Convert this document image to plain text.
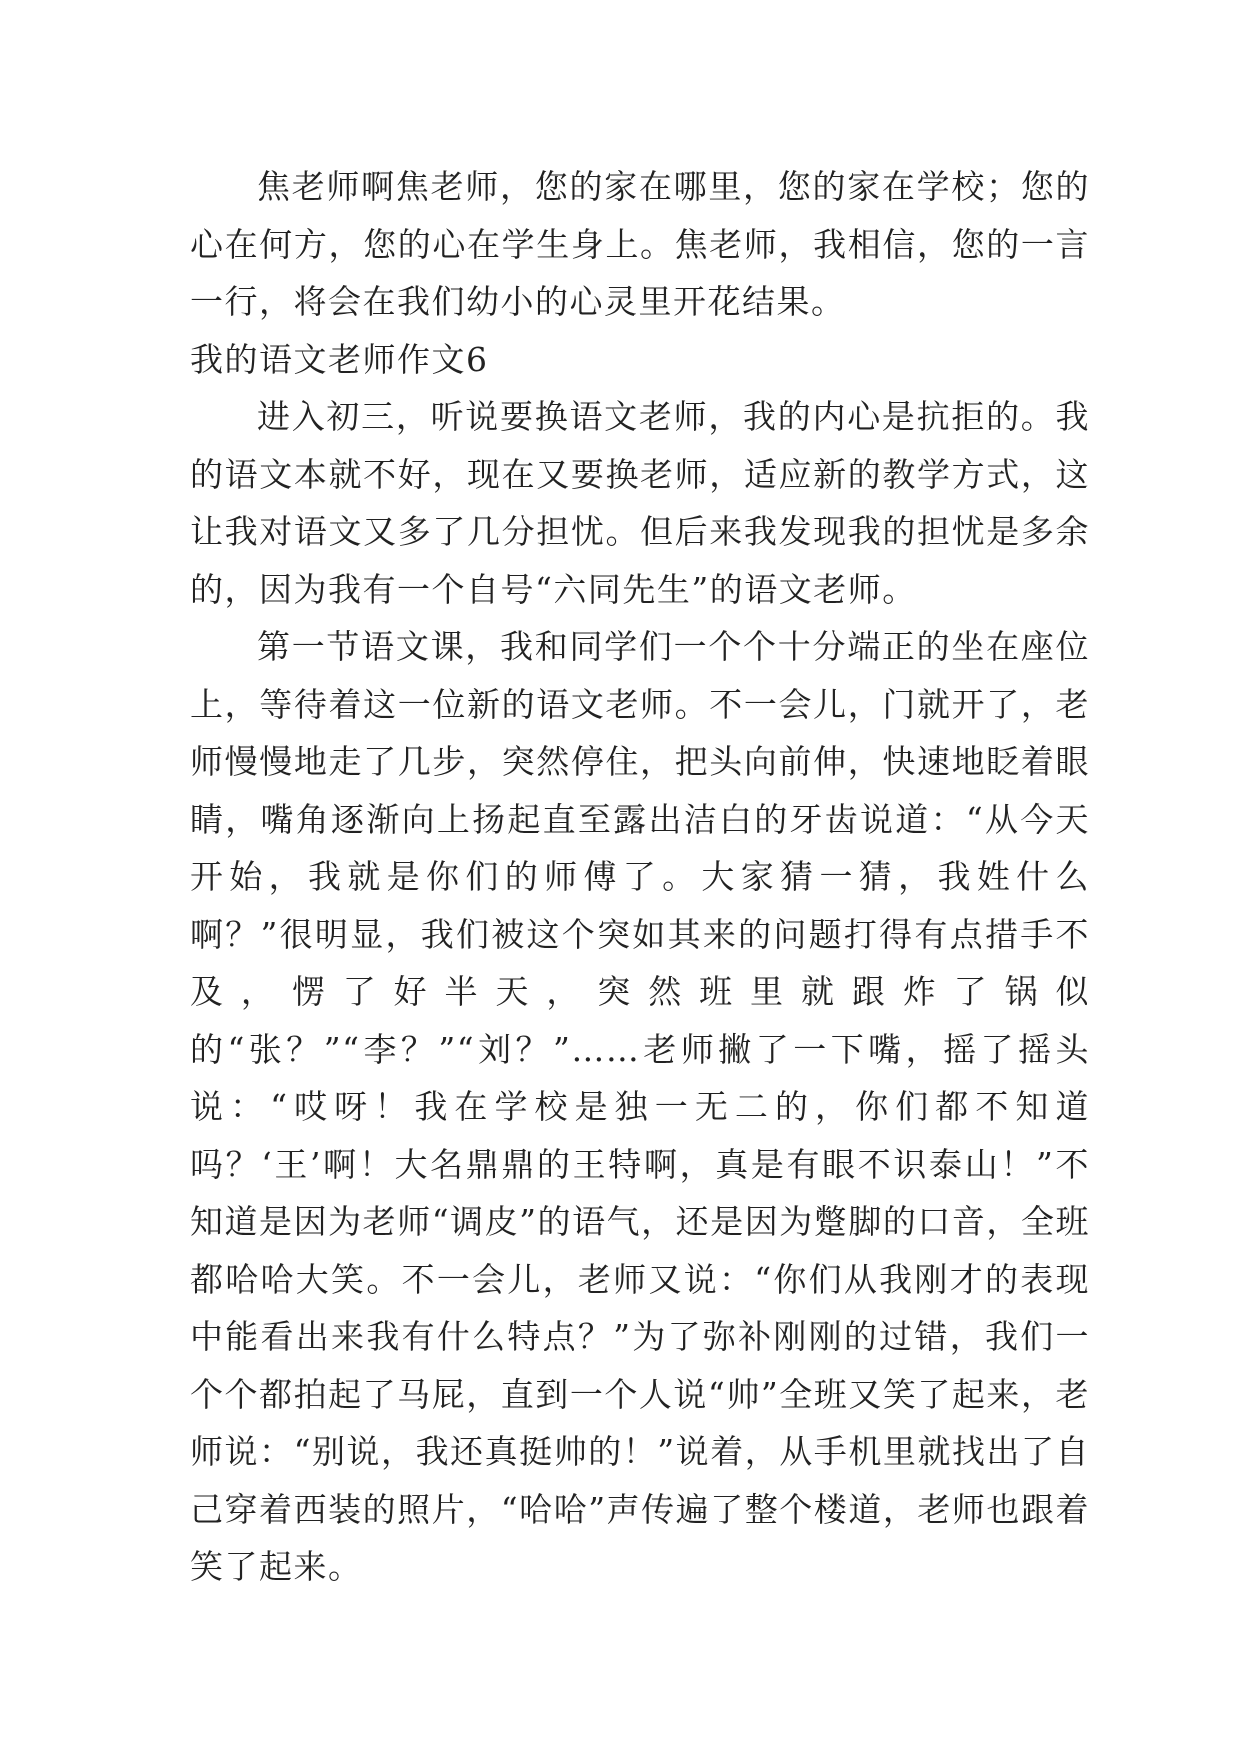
焦老师啊焦老师，您的家在哪里，您的家在学校；您的心在何方，您的心在学生身上。焦老师，我相信，您的一言一行，将会在我们幼小的心灵里开花结果。

我的语文老师作文6

进入初三，听说要换语文老师，我的内心是抗拒的。我的语文本就不好，现在又要换老师，适应新的教学方式，这让我对语文又多了几分担忧。但后来我发现我的担忧是多余的，因为我有一个自号“六同先生”的语文老师。

第一节语文课，我和同学们一个个十分端正的坐在座位上，等待着这一位新的语文老师。不一会儿，门就开了，老师慢慢地走了几步，突然停住，把头向前伸，快速地眨着眼睛，嘴角逐渐向上扬起直至露出洁白的牙齿说道：“从今天开始，我就是你们的师傅了。大家猜一猜，我姓什么啊？”很明显，我们被这个突如其来的问题打得有点措手不及，愣了好半天，突然班里就跟炸了锅似的“张？”“李？”“刘？”……老师撇了一下嘴，摇了摇头说：“哎呀！我在学校是独一无二的，你们都不知道吗？‘王’啊！大名鼎鼎的王特啊，真是有眼不识泰山！”不知道是因为老师“调皮”的语气，还是因为蹩脚的口音，全班都哈哈大笑。不一会儿，老师又说：“你们从我刚才的表现中能看出来我有什么特点？”为了弥补刚刚的过错，我们一个个都拍起了马屁，直到一个人说“帅”全班又笑了起来，老师说：“别说，我还真挺帅的！”说着，从手机里就找出了自己穿着西装的照片，“哈哈”声传遍了整个楼道，老师也跟着笑了起来。
